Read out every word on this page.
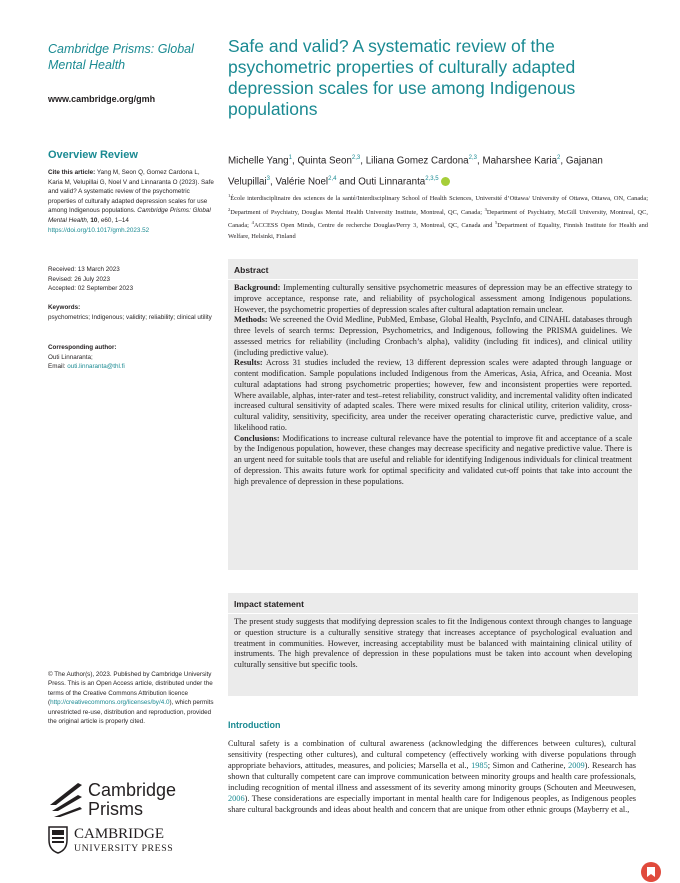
Cambridge Prisms: Global Mental Health
www.cambridge.org/gmh
Overview Review
Cite this article: Yang M, Seon Q, Gomez Cardona L, Karia M, Velupillai G, Noel V and Linnaranta O (2023). Safe and valid? A systematic review of the psychometric properties of culturally adapted depression scales for use among Indigenous populations. Cambridge Prisms: Global Mental Health, 10, e60, 1–14 https://doi.org/10.1017/gmh.2023.52
Received: 13 March 2023
Revised: 26 July 2023
Accepted: 02 September 2023
Keywords:
psychometrics; Indigenous; validity; reliability; clinical utility
Corresponding author:
Outi Linnaranta;
Email: outi.linnaranta@thl.fi
© The Author(s), 2023. Published by Cambridge University Press. This is an Open Access article, distributed under the terms of the Creative Commons Attribution licence (http://creativecommons.org/licenses/by/4.0), which permits unrestricted re-use, distribution and reproduction, provided the original article is properly cited.
Cambridge
Prisms
CAMBRIDGE
UNIVERSITY PRESS
Safe and valid? A systematic review of the psychometric properties of culturally adapted depression scales for use among Indigenous populations
Michelle Yang$^1$, Quinta Seon$^{2,3}$, Liliana Gomez Cardona$^{2,3}$, Maharshee Karia$^2$, Gajanan Velupillai$^3$, Valérie Noel$^{2,4}$ and Outi Linnaranta$^{2,3,5}$
$^1$École interdisciplinaire des sciences de la santé/Interdisciplinary School of Health Sciences, Université d’Ottawa/ University of Ottawa, Ottawa, ON, Canada; $^2$Department of Psychiatry, Douglas Mental Health University Institute, Montreal, QC, Canada; $^3$Department of Psychiatry, McGill University, Montreal, QC, Canada; $^4$ACCESS Open Minds, Centre de recherche Douglas/Perry 3, Montreal, QC, Canada and $^5$Department of Equality, Finnish Institute for Health and Welfare, Helsinki, Finland
Abstract

Background: Implementing culturally sensitive psychometric measures of depression may be an effective strategy to improve acceptance, response rate, and reliability of psychological assessment among Indigenous populations. However, the psychometric properties of depression scales after cultural adaptation remain unclear.

Methods: We screened the Ovid Medline, PubMed, Embase, Global Health, PsycInfo, and CINAHL databases through three levels of search terms: Depression, Psychometrics, and Indigenous, following the PRISMA guidelines. We assessed metrics for reliability (including Cronbach’s alpha), validity (including fit indices), and clinical utility (including predictive value).

Results: Across 31 studies included the review, 13 different depression scales were adapted through language or content modification. Sample populations included Indigenous from the Americas, Asia, Africa, and Oceania. Most cultural adaptations had strong psychometric properties; however, few and inconsistent properties were reported. Where available, alphas, inter-rater and test–retest reliability, construct validity, and incremental validity often indicated increased cultural sensitivity of adapted scales. There were mixed results for clinical utility, criterion validity, cross-cultural validity, sensitivity, specificity, area under the receiver operating characteristic curve, predictive value, and likelihood ratio.

Conclusions: Modifications to increase cultural relevance have the potential to improve fit and acceptance of a scale by the Indigenous population, however, these changes may decrease specificity and negative predictive value. There is an urgent need for suitable tools that are useful and reliable for identifying Indigenous individuals for clinical treatment of depression. This awaits future work for optimal specificity and validated cut-off points that take into account the high prevalence of depression in these populations.

Impact statement
The present study suggests that modifying depression scales to fit the Indigenous context through changes to language or question structure is a culturally sensitive strategy that increases acceptance of psychological evaluation and treatment in communities. However, increasing acceptability must be balanced with maintaining clinical utility of instruments. The high prevalence of depression in these populations must be taken into account when developing culturally sensitive but specific tools.
Introduction
Cultural safety is a combination of cultural awareness (acknowledging the differences between cultures), cultural sensitivity (respecting other cultures), and cultural competency (effectively working with diverse populations through appropriate behaviors, attitudes, measures, and policies; Marsella et al., 1985; Simon and Catherine, 2009). Research has shown that culturally competent care can improve communication between minority groups and health care professionals, including recognition of mental illness and assessment of its severity among minority groups (Schouten and Meeuwesen, 2006). These considerations are especially important in mental health care for Indigenous peoples, as Indigenous peoples share cultural backgrounds and ideas about health and concern that are unique from other ethnic groups (Mayberry et al.,
